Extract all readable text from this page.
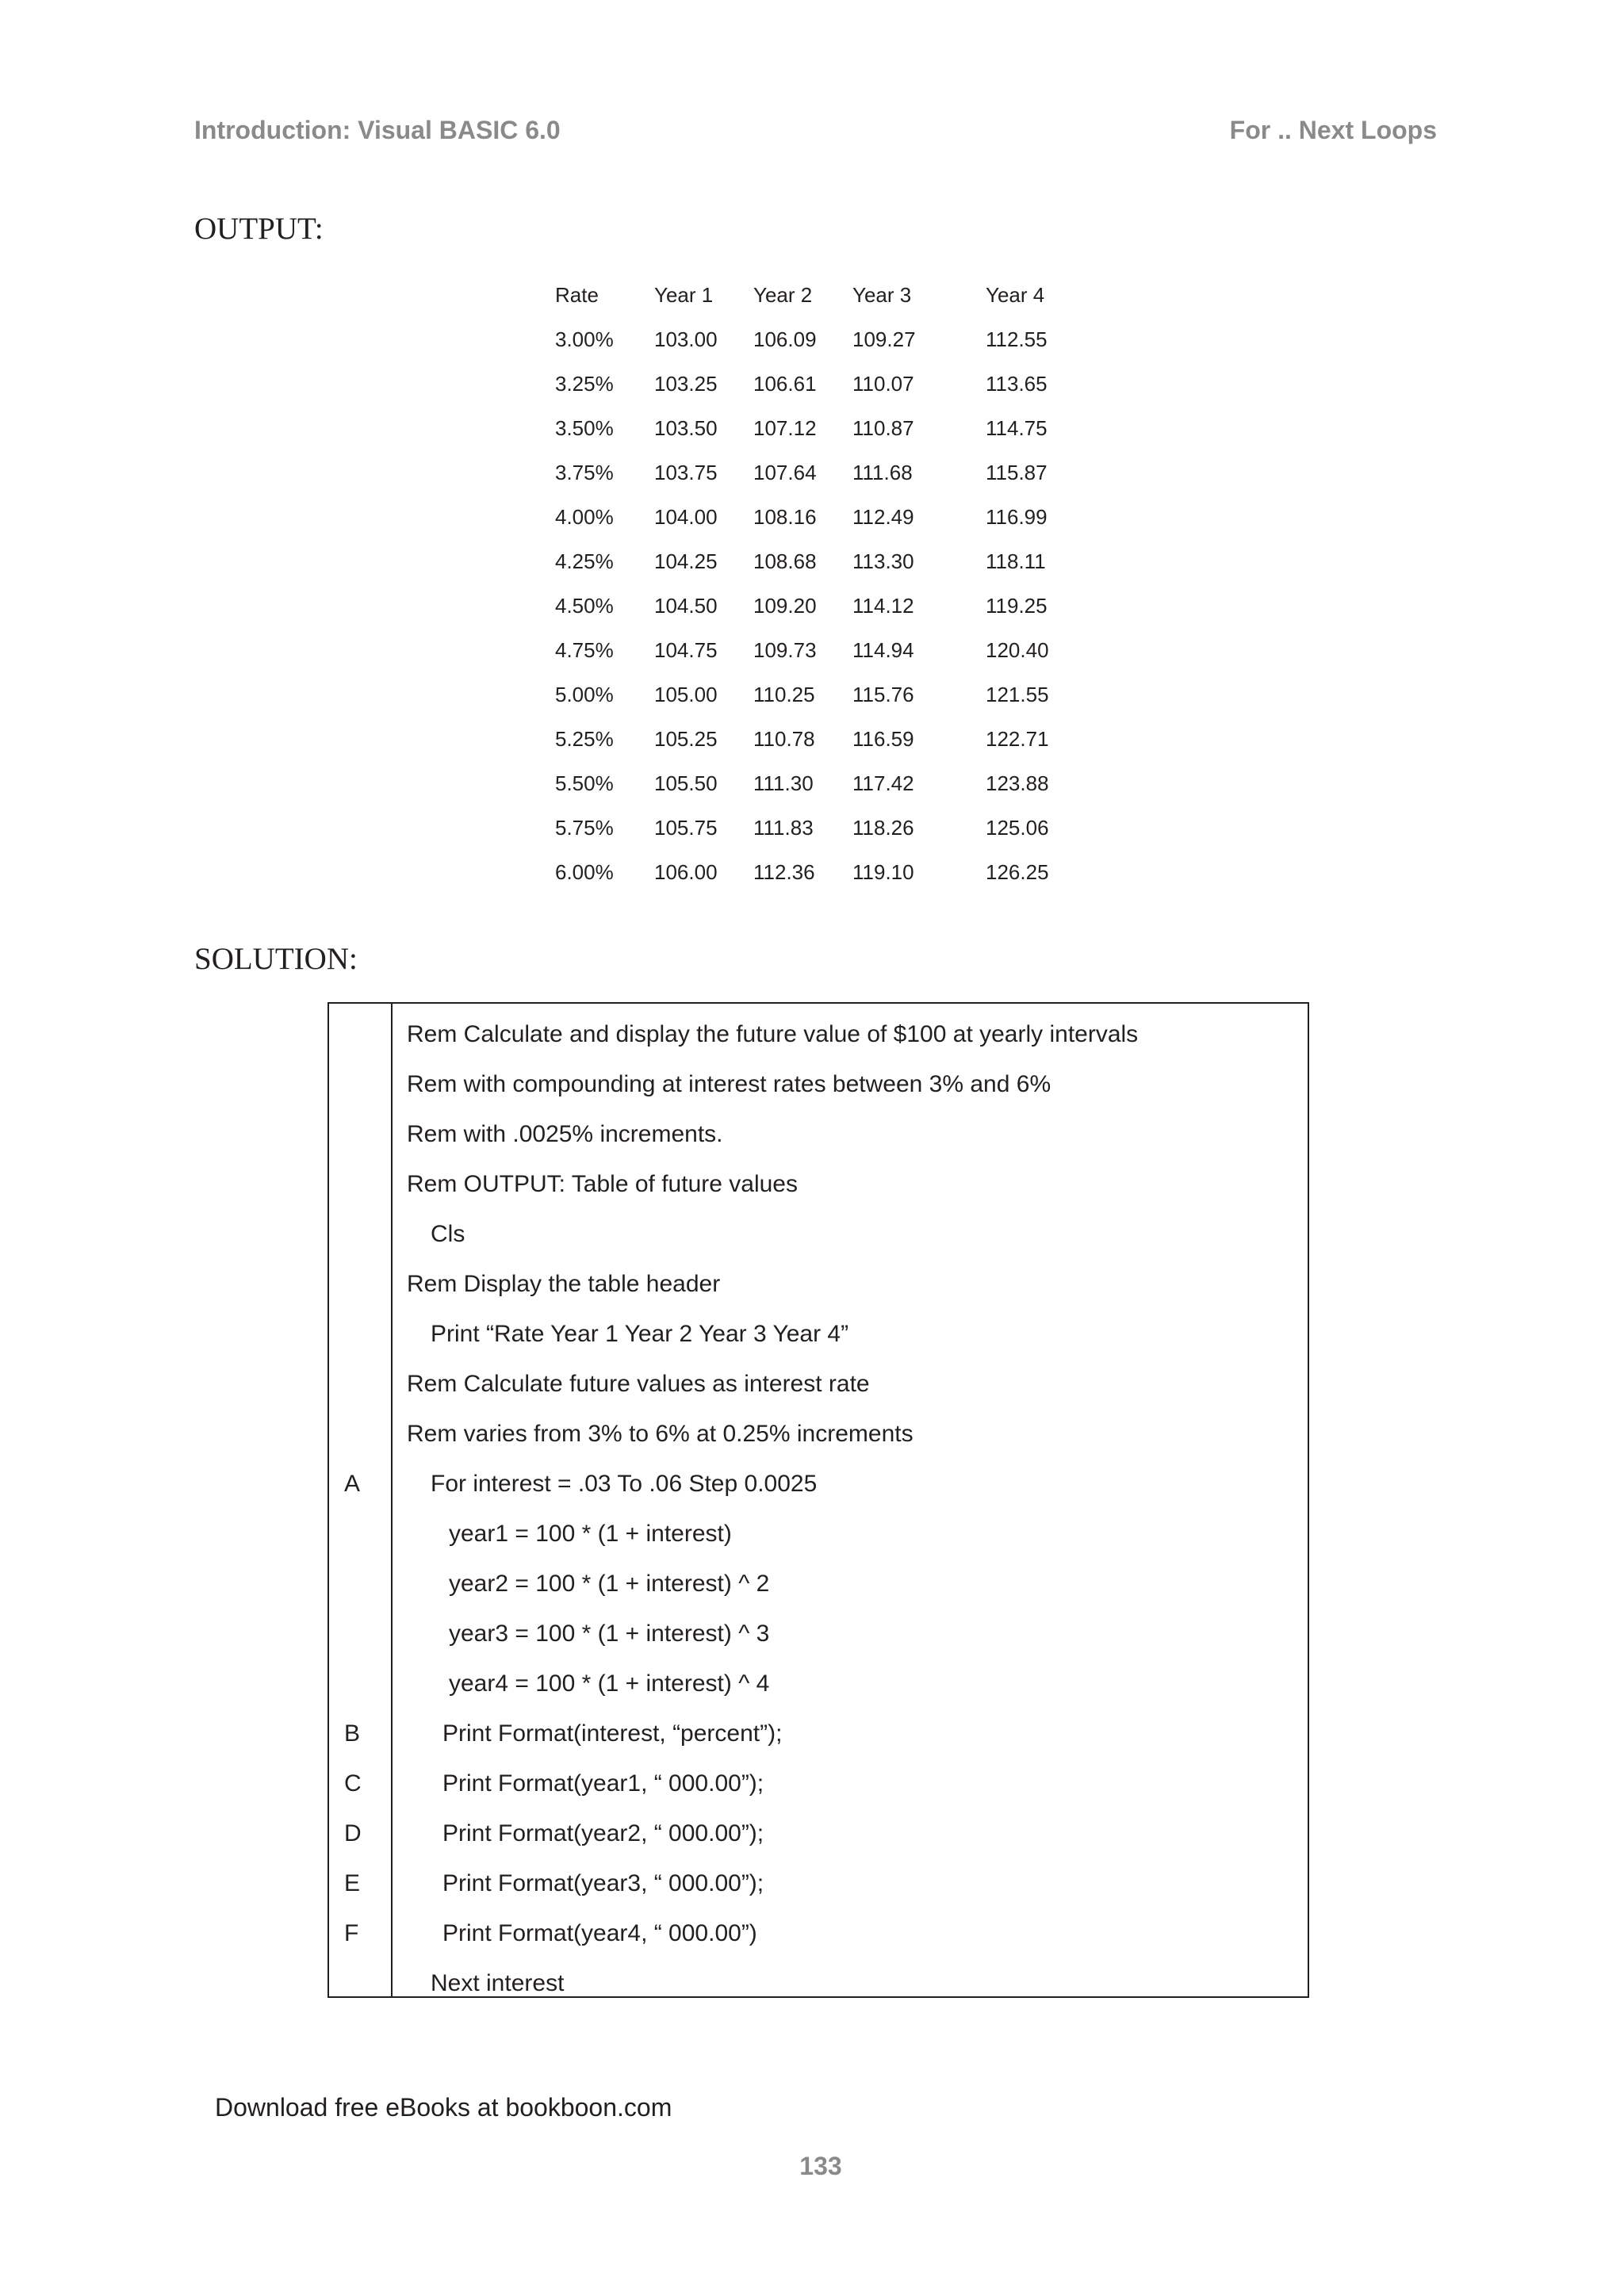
Introduction: Visual BASIC 6.0	For .. Next Loops
OUTPUT:
Rate	Year 1	Year 2	Year 3	Year 4
3.00%	103.00	106.09	109.27	112.55
3.25%	103.25	106.61	110.07	113.65
3.50%	103.50	107.12	110.87	114.75
3.75%	103.75	107.64	111.68	115.87
4.00%	104.00	108.16	112.49	116.99
4.25%	104.25	108.68	113.30	118.11
4.50%	104.50	109.20	114.12	119.25
4.75%	104.75	109.73	114.94	120.40
5.00%	105.00	110.25	115.76	121.55
5.25%	105.25	110.78	116.59	122.71
5.50%	105.50	111.30	117.42	123.88
5.75%	105.75	111.83	118.26	125.06
6.00%	106.00	112.36	119.10	126.25
SOLUTION:
Rem Calculate and display the future value of $100 at yearly intervals
Rem with compounding at interest rates between 3% and 6%
Rem with .0025% increments.
Rem OUTPUT: Table of future values
Cls
Rem Display the table header
Print “Rate Year 1 Year 2 Year 3 Year 4”
Rem Calculate future values as interest rate
Rem varies from 3% to 6% at 0.25% increments
A	For interest = .03 To .06 Step 0.0025
year1 = 100 * (1 + interest)
year2 = 100 * (1 + interest) ^ 2
year3 = 100 * (1 + interest) ^ 3
year4 = 100 * (1 + interest) ^ 4
B	Print Format(interest, “percent”);
C	Print Format(year1, “ 000.00”);
D	Print Format(year2, “ 000.00”);
E	Print Format(year3, “ 000.00”);
F	Print Format(year4, “ 000.00”)
Next interest
Download free eBooks at bookboon.com
133
